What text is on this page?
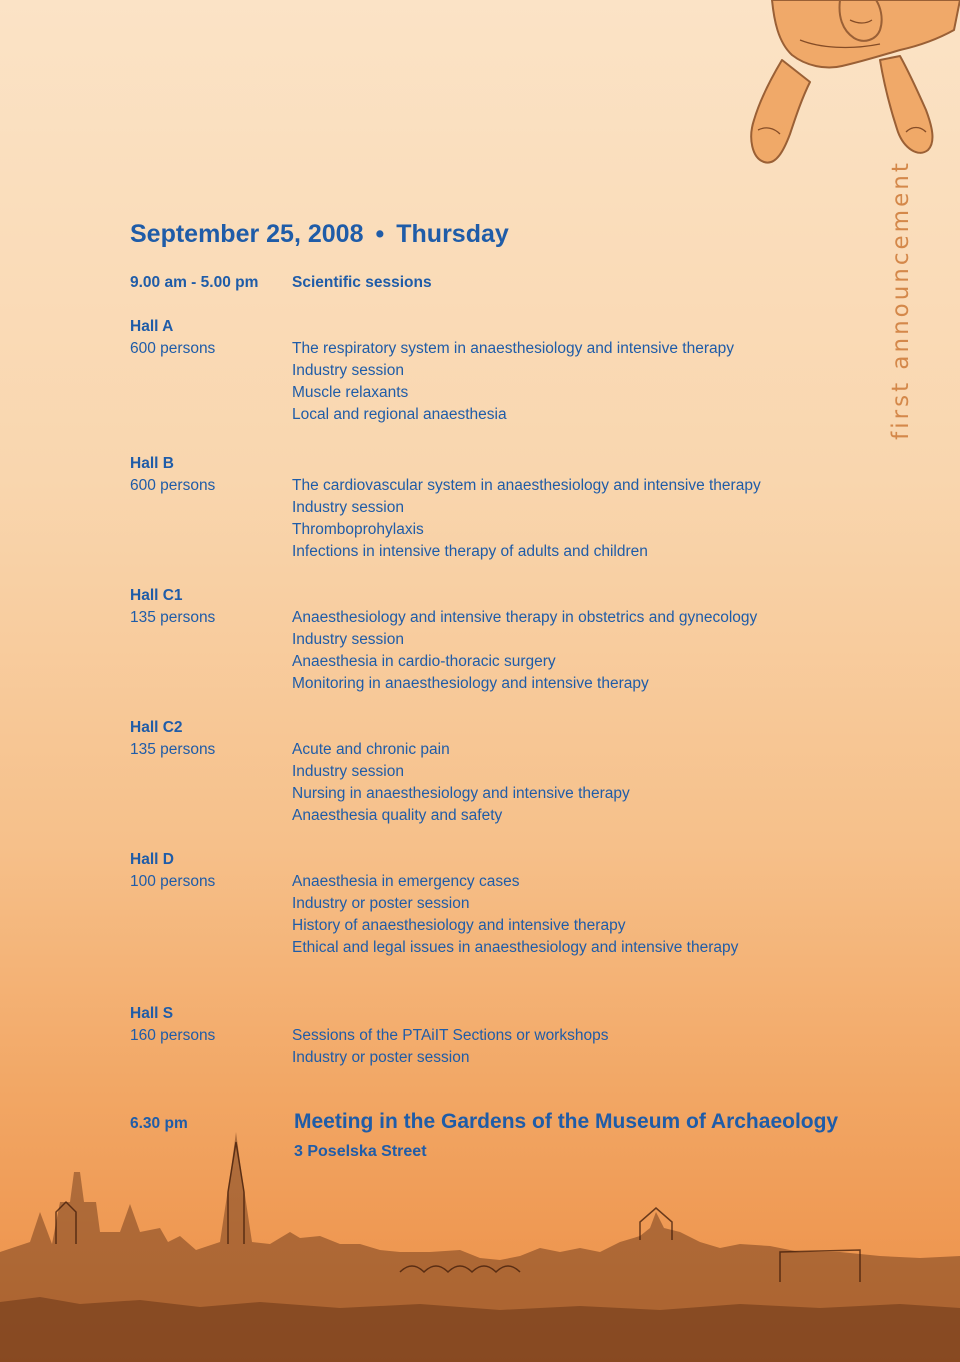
first announcement
September 25, 2008 • Thursday
9.00 am - 5.00 pm Scientific sessions
Hall A
600 persons	The respiratory system in anaesthesiology and intensive therapy
Industry session
Muscle relaxants
Local and regional anaesthesia
Hall B
600 persons	The cardiovascular system in anaesthesiology and intensive therapy
Industry session
Thromboprohylaxis
Infections in intensive therapy of adults and children
Hall C1
135 persons	Anaesthesiology and intensive therapy in obstetrics and gynecology
Industry session
Anaesthesia in cardio-thoracic surgery
Monitoring in anaesthesiology and intensive therapy
Hall C2
135 persons	Acute and chronic pain
Industry session
Nursing in anaesthesiology and intensive therapy
Anaesthesia quality and safety
Hall D
100 persons	Anaesthesia in emergency cases
Industry or poster session
History of anaesthesiology and intensive therapy
Ethical and legal issues in anaesthesiology and intensive therapy
Hall S
160 persons	Sessions of the PTAiIT Sections or workshops
Industry or poster session
6.30 pm	Meeting in the Gardens of the Museum of Archaeology
3 Poselska Street
